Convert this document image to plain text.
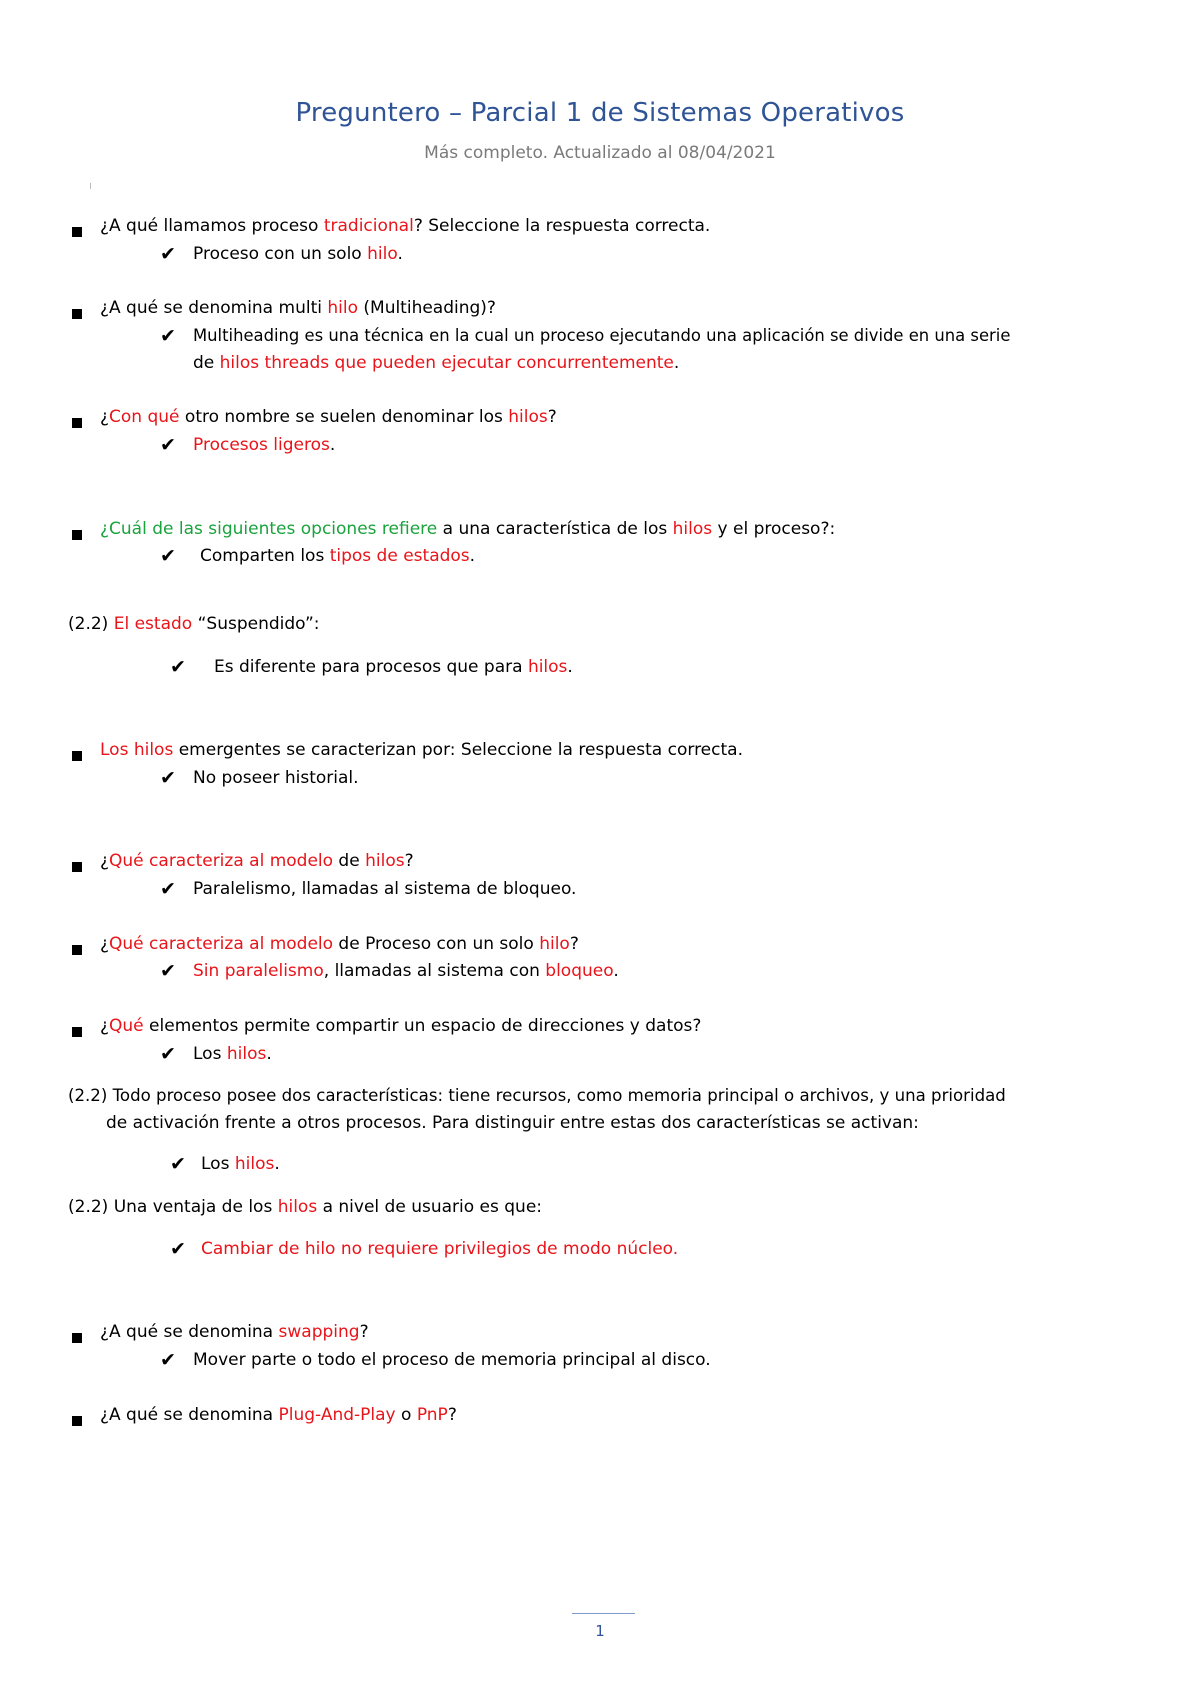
Preguntero – Parcial 1 de Sistemas Operativos
Más completo. Actualizado al 08/04/2021
¿A qué llamamos proceso tradicional? Seleccione la respuesta correcta.
✔ Proceso con un solo hilo.
¿A qué se denomina multi hilo (Multiheading)?
✔ Multiheading es una técnica en la cual un proceso ejecutando una aplicación se divide en una serie
de hilos threads que pueden ejecutar concurrentemente.
¿Con qué otro nombre se suelen denominar los hilos?
✔ Procesos ligeros.
¿Cuál de las siguientes opciones refiere a una característica de los hilos y el proceso?:
✔ Comparten los tipos de estados.
(2.2) El estado “Suspendido”:
✔ Es diferente para procesos que para hilos.
Los hilos emergentes se caracterizan por: Seleccione la respuesta correcta.
✔ No poseer historial.
¿Qué caracteriza al modelo de hilos?
✔ Paralelismo, llamadas al sistema de bloqueo.
¿Qué caracteriza al modelo de Proceso con un solo hilo?
✔ Sin paralelismo, llamadas al sistema con bloqueo.
¿Qué elementos permite compartir un espacio de direcciones y datos?
✔ Los hilos.
(2.2) Todo proceso posee dos características: tiene recursos, como memoria principal o archivos, y una prioridad
de activación frente a otros procesos. Para distinguir entre estas dos características se activan:
✔ Los hilos.
(2.2) Una ventaja de los hilos a nivel de usuario es que:
✔ Cambiar de hilo no requiere privilegios de modo núcleo.
¿A qué se denomina swapping?
✔ Mover parte o todo el proceso de memoria principal al disco.
¿A qué se denomina Plug-And-Play o PnP?
1
